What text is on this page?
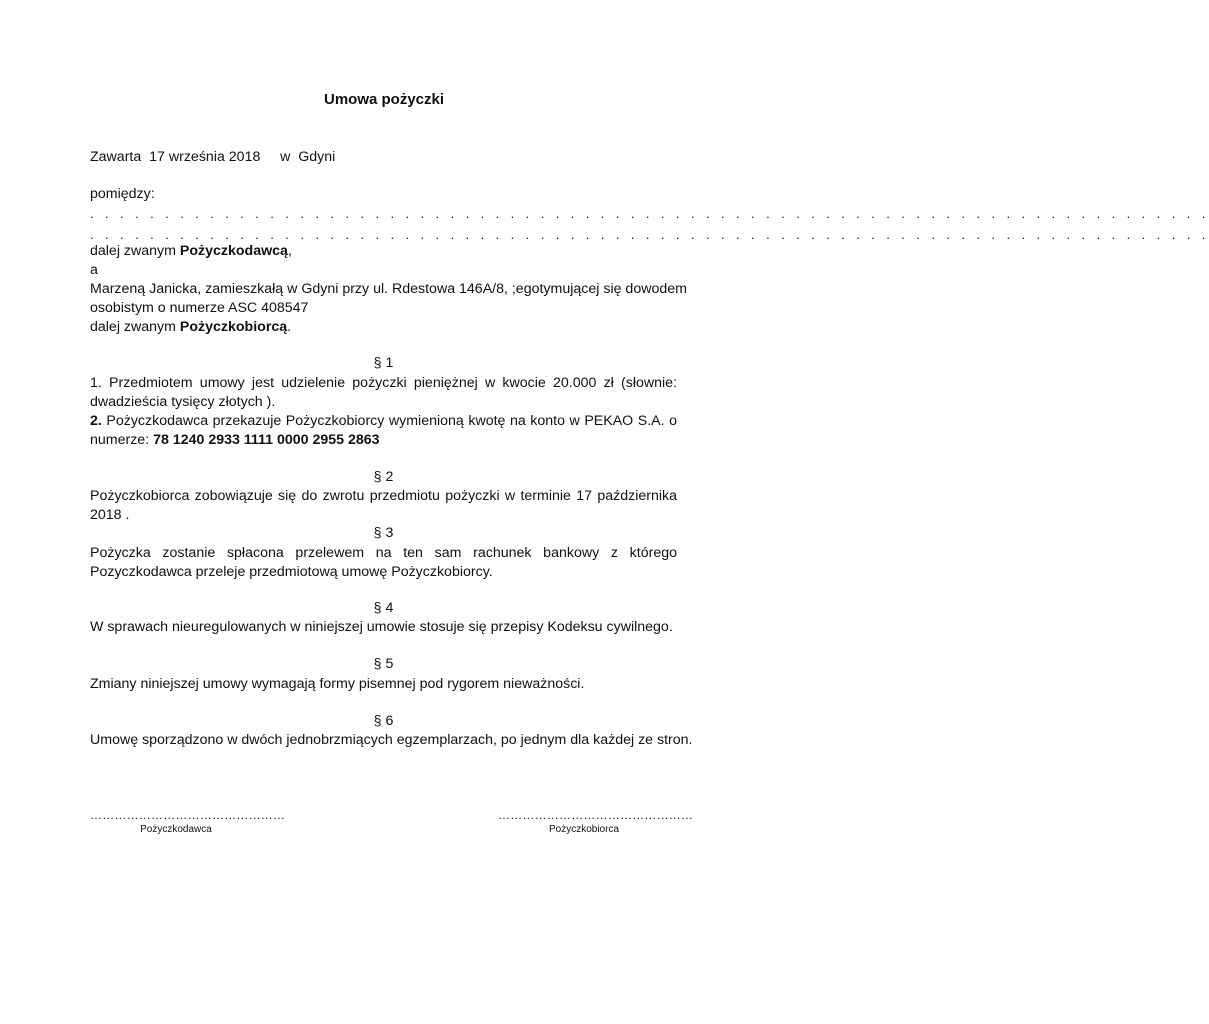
Umowa pożyczki
Zawarta 17 września 2018 w Gdyni
pomiędzy:
. . . . . . . . . . . . . . . . . . . . . . . . . . . . . . . . . . . . . . . . . . . . . . . . . . . . . . . . . . . . . . . . . . . . . . . . . . .
. . . . . . . . . . . . . . . . . . . . . . . . . . . . . . . . . . . . . . . . . . . . . . . . . . . . . . . . . . . . . . . . . . . . . . . . . . .
dalej zwanym Pożyczkodawcą,
a
Marzeną Janicka, zamieszkałą w Gdyni przy ul. Rdestowa 146A/8, ;egotymującej się dowodem
osobistym o numerze ASC 408547
dalej zwanym Pożyczkobiorcą.
§ 1
1. Przedmiotem umowy jest udzielenie pożyczki pieniężnej w kwocie 20.000 zł (słownie:
dwadzieścia tysięcy złotych ).
2. Pożyczkodawca przekazuje Pożyczkobiorcy wymienioną kwotę na konto w PEKAO S.A. o
numerze: 78 1240 2933 1111 0000 2955 2863
§ 2
Pożyczkobiorca zobowiązuje się do zwrotu przedmiotu pożyczki w terminie 17 października
2018 .
§ 3
Pożyczka zostanie spłacona przelewem na ten sam rachunek bankowy z którego
Pozyczkodawca przeleje przedmiotową umowę Pożyczkobiorcy.
§ 4
W sprawach nieuregulowanych w niniejszej umowie stosuje się przepisy Kodeksu cywilnego.
§ 5
Zmiany niniejszej umowy wymagają formy pisemnej pod rygorem nieważności.
§ 6
Umowę sporządzono w dwóch jednobrzmiących egzemplarzach, po jednym dla każdej ze stron.
…………………………………………
Pożyczkodawca
…………………………………………
Pożyczkobiorca
